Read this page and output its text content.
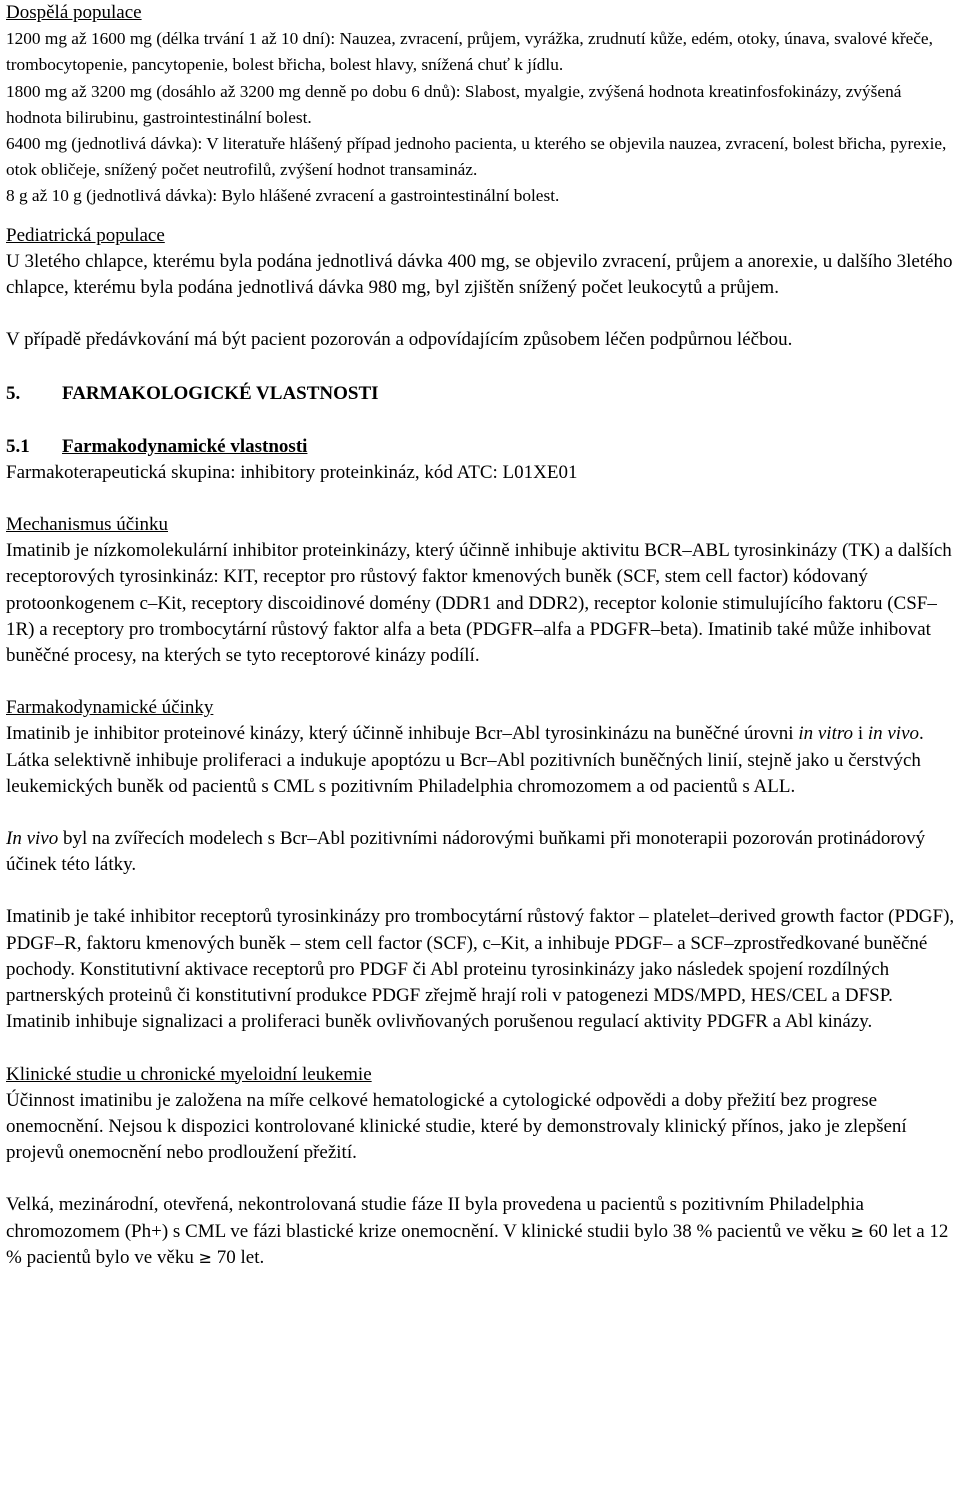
Dospělá populace

1200 mg až 1600 mg (délka trvání 1 až 10 dní): Nauzea, zvracení, průjem, vyrážka, zrudnutí kůže, edém, otoky, únava, svalové křeče, trombocytopenie, pancytopenie, bolest břicha, bolest hlavy, snížená chuť k jídlu.

1800 mg až 3200 mg (dosáhlo až 3200 mg denně po dobu 6 dnů): Slabost, myalgie, zvýšená hodnota kreatinfosfokinázy, zvýšená hodnota bilirubinu, gastrointestinální bolest.

6400 mg (jednotlivá dávka): V literatuře hlášený případ jednoho pacienta, u kterého se objevila nauzea, zvracení, bolest břicha, pyrexie, otok obličeje, snížený počet neutrofilů, zvýšení hodnot transamináz.

8 g až 10 g (jednotlivá dávka): Bylo hlášené zvracení a gastrointestinální bolest.

Pediatrická populace

U 3letého chlapce, kterému byla podána jednotlivá dávka 400 mg, se objevilo zvracení, průjem a anorexie, u dalšího 3letého chlapce, kterému byla podána jednotlivá dávka 980 mg, byl zjištěn snížený počet leukocytů a průjem.

V případě předávkování má být pacient pozorován a odpovídajícím způsobem léčen podpůrnou léčbou.

5. FARMAKOLOGICKÉ VLASTNOSTI

5.1 Farmakodynamické vlastnosti

Farmakoterapeutická skupina: inhibitory proteinkináz, kód ATC: L01XE01

Mechanismus účinku

Imatinib je nízkomolekulární inhibitor proteinkinázy, který účinně inhibuje aktivitu BCR–ABL tyrosinkinázy (TK) a dalších receptorových tyrosinkináz: KIT, receptor pro růstový faktor kmenových buněk (SCF, stem cell factor) kódovaný protoonkogenem c–Kit, receptory discoidinové domény (DDR1 and DDR2), receptor kolonie stimulujícího faktoru (CSF–1R) a receptory pro trombocytární růstový faktor alfa a beta (PDGFR–alfa a PDGFR–beta). Imatinib také může inhibovat buněčné procesy, na kterých se tyto receptorové kinázy podílí.

Farmakodynamické účinky

Imatinib je inhibitor proteinové kinázy, který účinně inhibuje Bcr–Abl tyrosinkinázu na buněčné úrovni in vitro i in vivo. Látka selektivně inhibuje proliferaci a indukuje apoptózu u Bcr–Abl pozitivních buněčných linií, stejně jako u čerstvých leukemických buněk od pacientů s CML s pozitivním Philadelphia chromozomem a od pacientů s ALL.

In vivo byl na zvířecích modelech s Bcr–Abl pozitivními nádorovými buňkami při monoterapii pozorován protinádorový účinek této látky.

Imatinib je také inhibitor receptorů tyrosinkinázy pro trombocytární růstový faktor – platelet–derived growth factor (PDGF), PDGF–R, faktoru kmenových buněk – stem cell factor (SCF), c–Kit, a inhibuje PDGF– a SCF–zprostředkované buněčné pochody. Konstitutivní aktivace receptorů pro PDGF či Abl proteinu tyrosinkinázy jako následek spojení rozdílných partnerských proteinů či konstitutivní produkce PDGF zřejmě hrají roli v patogenezi MDS/MPD, HES/CEL a DFSP. Imatinib inhibuje signalizaci a proliferaci buněk ovlivňovaných porušenou regulací aktivity PDGFR a Abl kinázy.

Klinické studie u chronické myeloidní leukemie

Účinnost imatinibu je založena na míře celkové hematologické a cytologické odpovědi a doby přežití bez progrese onemocnění. Nejsou k dispozici kontrolované klinické studie, které by demonstrovaly klinický přínos, jako je zlepšení projevů onemocnění nebo prodloužení přežití.

Velká, mezinárodní, otevřená, nekontrolovaná studie fáze II byla provedena u pacientů s pozitivním Philadelphia chromozomem (Ph+) s CML ve fázi blastické krize onemocnění. V klinické studii bylo 38 % pacientů ve věku ≥ 60 let a 12 % pacientů bylo ve věku ≥ 70 let.
